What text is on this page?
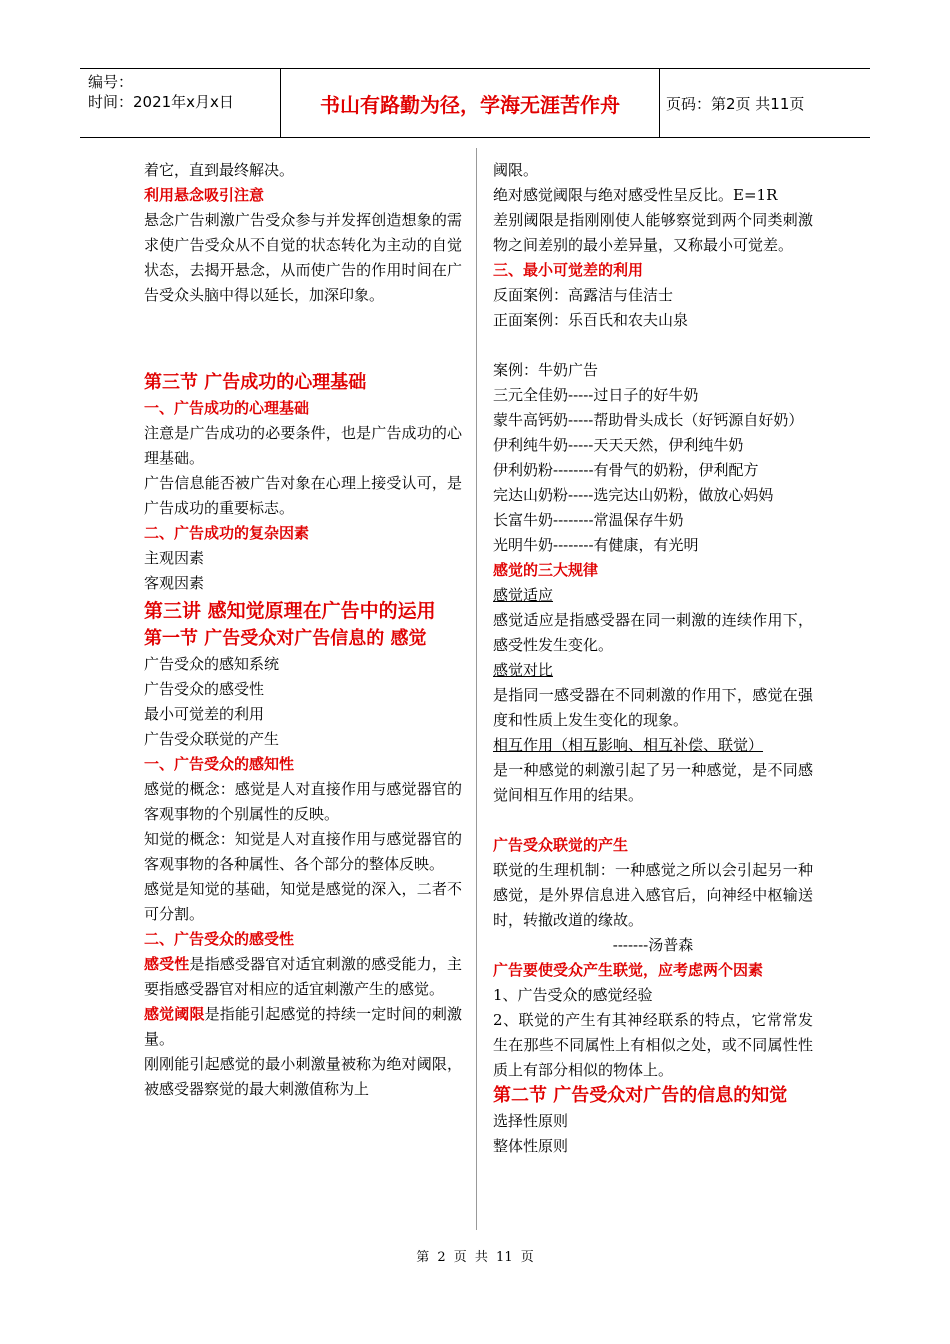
编号：
时间：2021年x月x日	书山有路勤为径，学海无涯苦作舟	页码：第2页 共11页

着它，直到最终解决。

利用悬念吸引注意

悬念广告刺激广告受众参与并发挥创造想象的需求使广告受众从不自觉的状态转化为主动的自觉状态，去揭开悬念，从而使广告的作用时间在广告受众头脑中得以延长，加深印象。

第三节 广告成功的心理基础

一、广告成功的心理基础

注意是广告成功的必要条件，也是广告成功的心理基础。

广告信息能否被广告对象在心理上接受认可，是广告成功的重要标志。

二、广告成功的复杂因素

主观因素

客观因素

第三讲 感知觉原理在广告中的运用

第一节 广告受众对广告信息的 感觉

广告受众的感知系统

广告受众的感受性

最小可觉差的利用

广告受众联觉的产生

一、广告受众的感知性

感觉的概念：感觉是人对直接作用与感觉器官的客观事物的个别属性的反映。

知觉的概念：知觉是人对直接作用与感觉器官的客观事物的各种属性、各个部分的整体反映。

感觉是知觉的基础，知觉是感觉的深入，二者不可分割。

二、广告受众的感受性

感受性是指感受器官对适宜刺激的感受能力，主要指感受器官对相应的适宜刺激产生的感觉。

感觉阈限是指能引起感觉的持续一定时间的刺激量。

刚刚能引起感觉的最小刺激量被称为绝对阈限，被感受器察觉的最大刺激值称为上

阈限。

绝对感觉阈限与绝对感受性呈反比。E=1R

差别阈限是指刚刚使人能够察觉到两个同类刺激物之间差别的最小差异量，又称最小可觉差。

三、最小可觉差的利用

反面案例：高露洁与佳洁士

正面案例：乐百氏和农夫山泉

案例：牛奶广告

三元全佳奶-----过日子的好牛奶

蒙牛高钙奶-----帮助骨头成长（好钙源自好奶）

伊利纯牛奶-----天天天然，伊利纯牛奶

伊利奶粉--------有骨气的奶粉，伊利配方

完达山奶粉-----选完达山奶粉，做放心妈妈

长富牛奶--------常温保存牛奶

光明牛奶--------有健康，有光明

感觉的三大规律

感觉适应

感觉适应是指感受器在同一刺激的连续作用下，感受性发生变化。

感觉对比

是指同一感受器在不同刺激的作用下，感觉在强度和性质上发生变化的现象。

相互作用（相互影响、相互补偿、联觉）

是一种感觉的刺激引起了另一种感觉，是不同感觉间相互作用的结果。

广告受众联觉的产生

联觉的生理机制：一种感觉之所以会引起另一种感觉，是外界信息进入感官后，向神经中枢输送时，转撤改道的缘故。

-------汤普森

广告要使受众产生联觉，应考虑两个因素

1、广告受众的感觉经验

2、联觉的产生有其神经联系的特点，它常常发生在那些不同属性上有相似之处，或不同属性性质上有部分相似的物体上。

第二节 广告受众对广告的信息的知觉

选择性原则

整体性原则

第 2 页 共 11 页
